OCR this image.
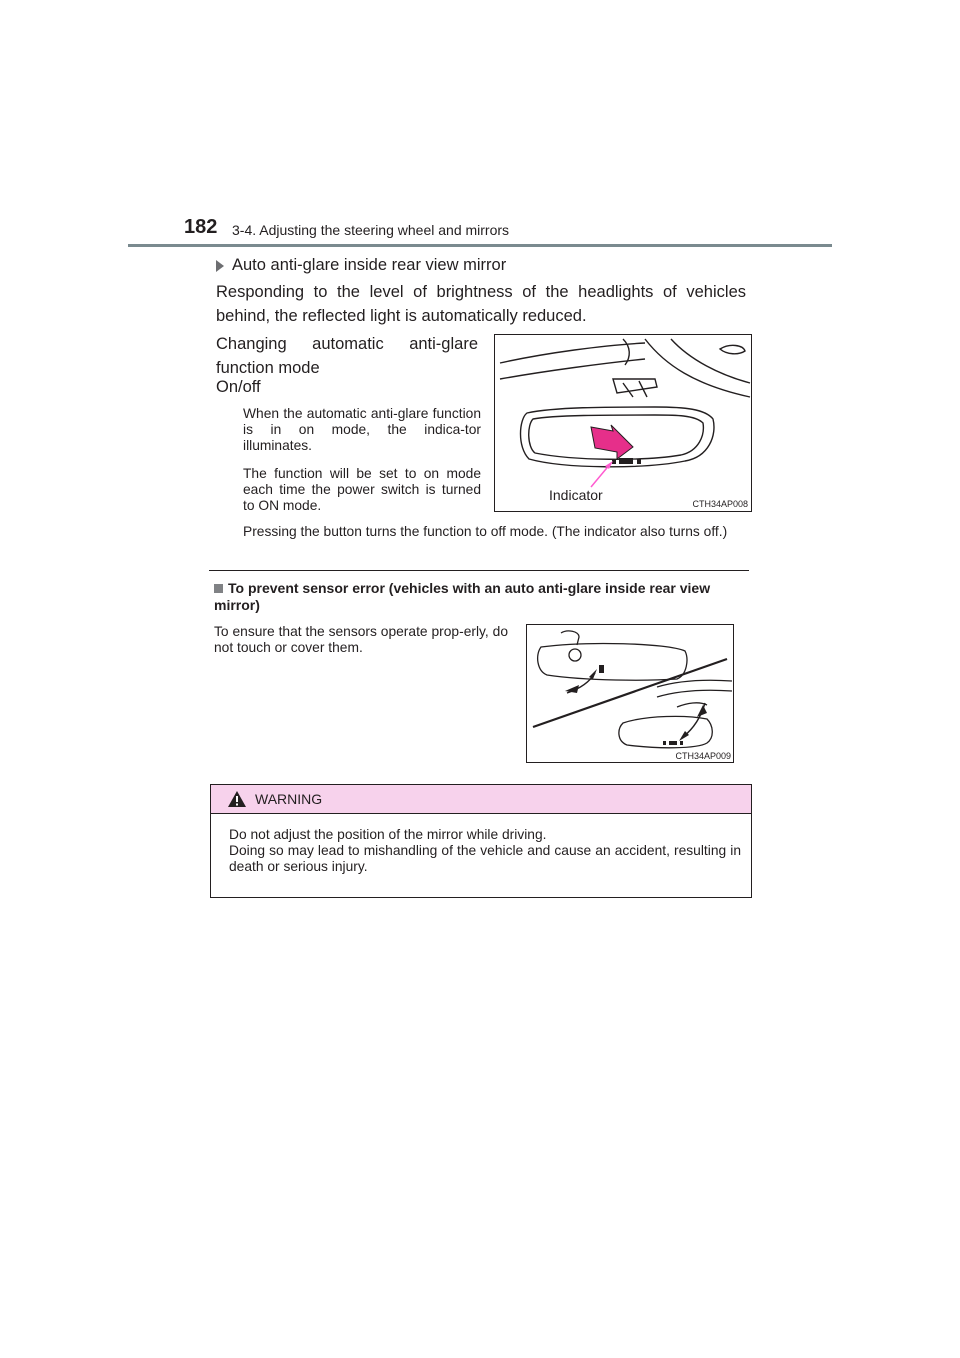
182 3-4. Adjusting the steering wheel and mirrors
Auto anti-glare inside rear view mirror
Responding to the level of brightness of the headlights of vehicles behind, the reflected light is automatically reduced.
Changing automatic anti-glare function mode
On/off
When the automatic anti-glare function is in on mode, the indica-tor illuminates.
The function will be set to on mode each time the power switch is turned to ON mode.
Pressing the button turns the function to off mode. (The indicator also turns off.)
Indicator
CTH34AP008
To prevent sensor error (vehicles with an auto anti-glare inside rear view mirror)
To ensure that the sensors operate prop-erly, do not touch or cover them.
CTH34AP009
WARNING

Do not adjust the position of the mirror while driving.

Doing so may lead to mishandling of the vehicle and cause an accident, resulting in death or serious injury.
